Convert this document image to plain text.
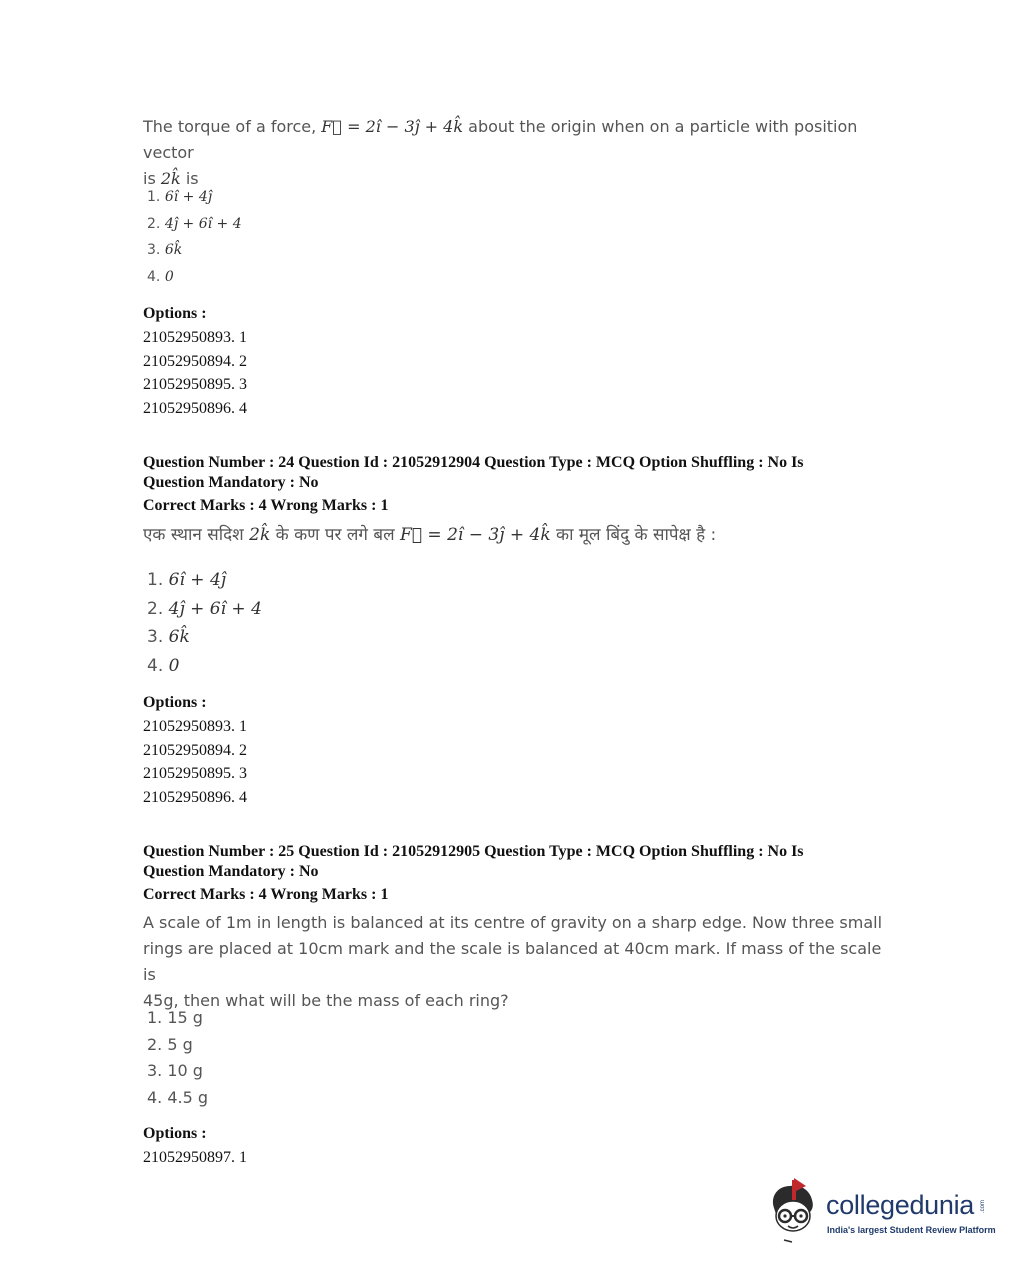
The torque of a force, F⃗ = 2î − 3ĵ + 4k̂ about the origin when on a particle with position vector
is 2k̂ is
1. 6î + 4ĵ
2. 4ĵ + 6î + 4
3. 6k̂
4. 0
Options :
21052950893. 1
21052950894. 2
21052950895. 3
21052950896. 4
Question Number : 24 Question Id : 21052912904 Question Type : MCQ Option Shuffling : No Is
Question Mandatory : No
Correct Marks : 4 Wrong Marks : 1
एक स्थान सदिश 2k̂ के कण पर लगे बल F⃗ = 2î − 3ĵ + 4k̂ का मूल बिंदु के सापेक्ष है :
1. 6î + 4ĵ
2. 4ĵ + 6î + 4
3. 6k̂
4. 0
Options :
21052950893. 1
21052950894. 2
21052950895. 3
21052950896. 4
Question Number : 25 Question Id : 21052912905 Question Type : MCQ Option Shuffling : No Is
Question Mandatory : No
Correct Marks : 4 Wrong Marks : 1
A scale of 1m in length is balanced at its centre of gravity on a sharp edge. Now three small
rings are placed at 10cm mark and the scale is balanced at 40cm mark. If mass of the scale is
45g, then what will be the mass of each ring?
1. 15 g
2. 5 g
3. 10 g
4. 4.5 g
Options :
21052950897. 1
collegedunia .com
India's largest Student Review Platform
